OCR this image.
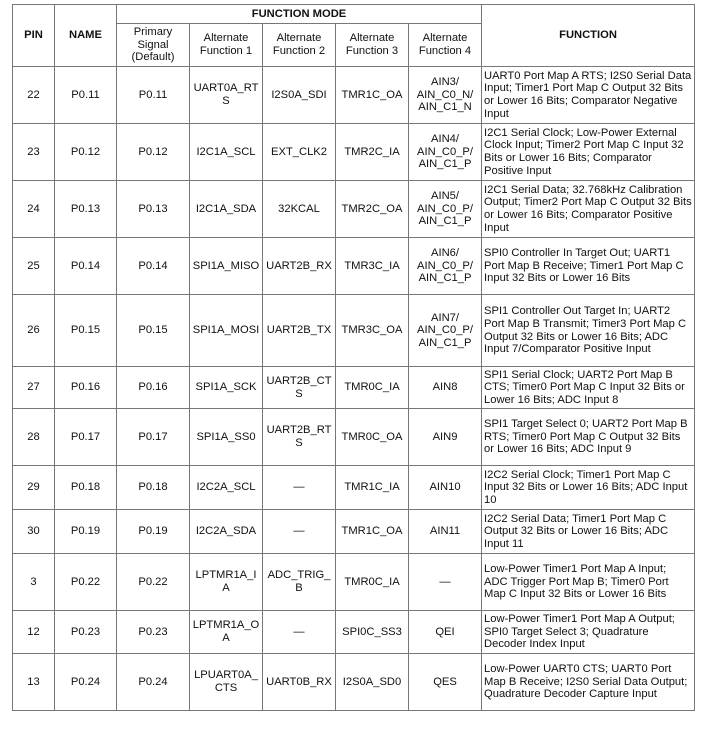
PIN	NAME	FUNCTION MODE					FUNCTION
		Primary Signal (Default)	Alternate Function 1	Alternate Function 2	Alternate Function 3	Alternate Function 4	
22	P0.11	P0.11	UART0A_RTS	I2S0A_SDI	TMR1C_OA	AIN3/ AIN_C0_N/ AIN_C1_N	UART0 Port Map A RTS; I2S0 Serial Data Input; Timer1 Port Map C Output 32 Bits or Lower 16 Bits; Comparator Negative Input
23	P0.12	P0.12	I2C1A_SCL	EXT_CLK2	TMR2C_IA	AIN4/ AIN_C0_P/ AIN_C1_P	I2C1 Serial Clock; Low-Power External Clock Input; Timer2 Port Map C Input 32 Bits or Lower 16 Bits; Comparator Positive Input
24	P0.13	P0.13	I2C1A_SDA	32KCAL	TMR2C_OA	AIN5/ AIN_C0_P/ AIN_C1_P	I2C1 Serial Data; 32.768kHz Calibration Output; Timer2 Port Map C Output 32 Bits or Lower 16 Bits; Comparator Positive Input
25	P0.14	P0.14	SPI1A_MISO	UART2B_RX	TMR3C_IA	AIN6/ AIN_C0_P/ AIN_C1_P	SPI0 Controller In Target Out; UART1 Port Map B Receive; Timer1 Port Map C Input 32 Bits or Lower 16 Bits
26	P0.15	P0.15	SPI1A_MOSI	UART2B_TX	TMR3C_OA	AIN7/ AIN_C0_P/ AIN_C1_P	SPI1 Controller Out Target In; UART2 Port Map B Transmit; Timer3 Port Map C Output 32 Bits or Lower 16 Bits; ADC Input 7/Comparator Positive Input
27	P0.16	P0.16	SPI1A_SCK	UART2B_CTS	TMR0C_IA	AIN8	SPI1 Serial Clock; UART2 Port Map B CTS; Timer0 Port Map C Input 32 Bits or Lower 16 Bits; ADC Input 8
28	P0.17	P0.17	SPI1A_SS0	UART2B_RTS	TMR0C_OA	AIN9	SPI1 Target Select 0; UART2 Port Map B RTS; Timer0 Port Map C Output 32 Bits or Lower 16 Bits; ADC Input 9
29	P0.18	P0.18	I2C2A_SCL	—	TMR1C_IA	AIN10	I2C2 Serial Clock; Timer1 Port Map C Input 32 Bits or Lower 16 Bits; ADC Input 10
30	P0.19	P0.19	I2C2A_SDA	—	TMR1C_OA	AIN11	I2C2 Serial Data; Timer1 Port Map C Output 32 Bits or Lower 16 Bits; ADC Input 11
3	P0.22	P0.22	LPTMR1A_IA	ADC_TRIG_B	TMR0C_IA	—	Low-Power Timer1 Port Map A Input; ADC Trigger Port Map B; Timer0 Port Map C Input 32 Bits or Lower 16 Bits
12	P0.23	P0.23	LPTMR1A_OA	—	SPI0C_SS3	QEI	Low-Power Timer1 Port Map A Output; SPI0 Target Select 3; Quadrature Decoder Index Input
13	P0.24	P0.24	LPUART0A_CTS	UART0B_RX	I2S0A_SD0	QES	Low-Power UART0 CTS; UART0 Port Map B Receive; I2S0 Serial Data Output; Quadrature Decoder Capture Input
